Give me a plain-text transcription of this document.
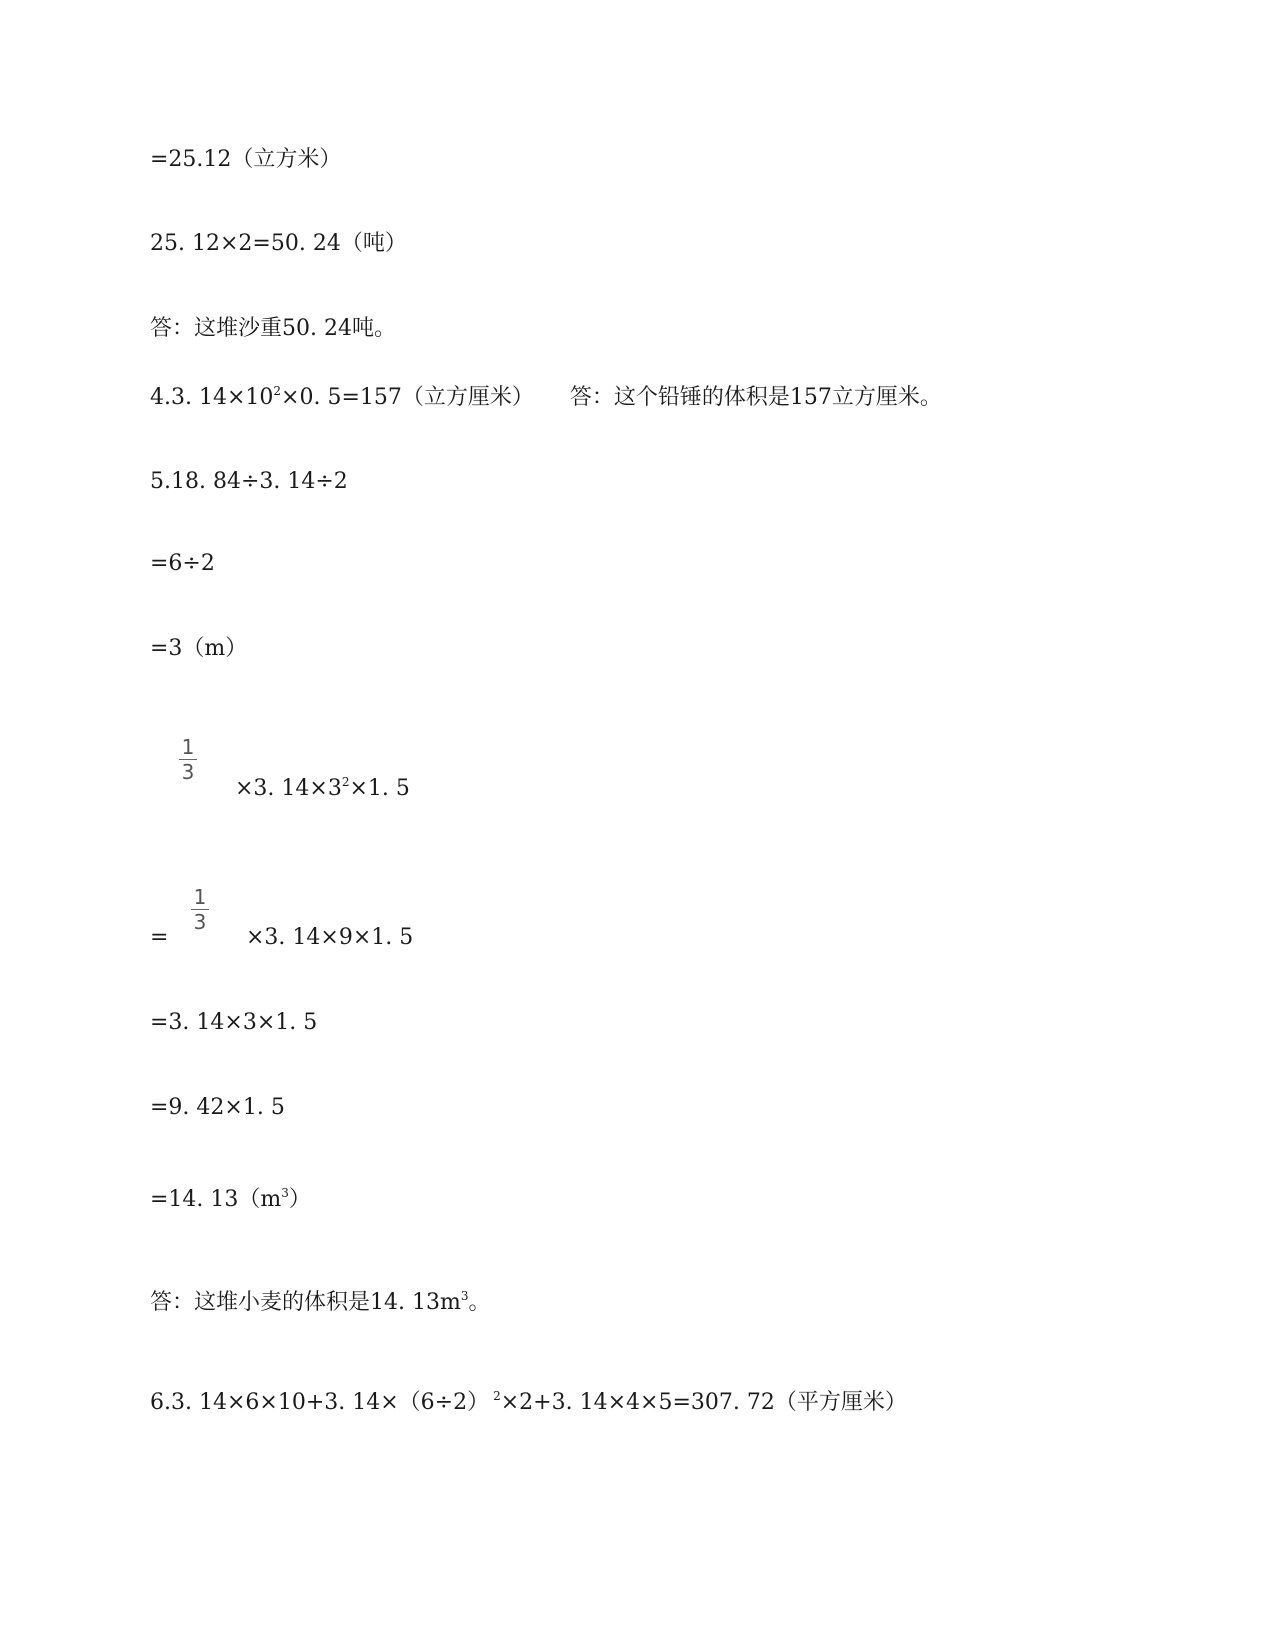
=25.12（立方米）
25. 12×2=50. 24（吨）
答：这堆沙重50. 24吨。
4.3. $14\times 10^2\times 0$. 5=157（立方厘米） 答：这个铅锤的体积是157立方厘米。
5.18. 84÷3. 14÷2
=6÷2
=3（m）
1
3
×3. $14\times 3^2\times 1$. 5
=
1
3
×3. 14×9×1. 5
=3. 14×3×1. 5
=9. 42×1. 5
=14. $13(m^3)$
答：这堆小麦的体积是14. $13m^3$。
6.3. 14×6×10+3. 14×（6÷2） $^2$×2+3. 14×4×5=307. 72（平方厘米）
